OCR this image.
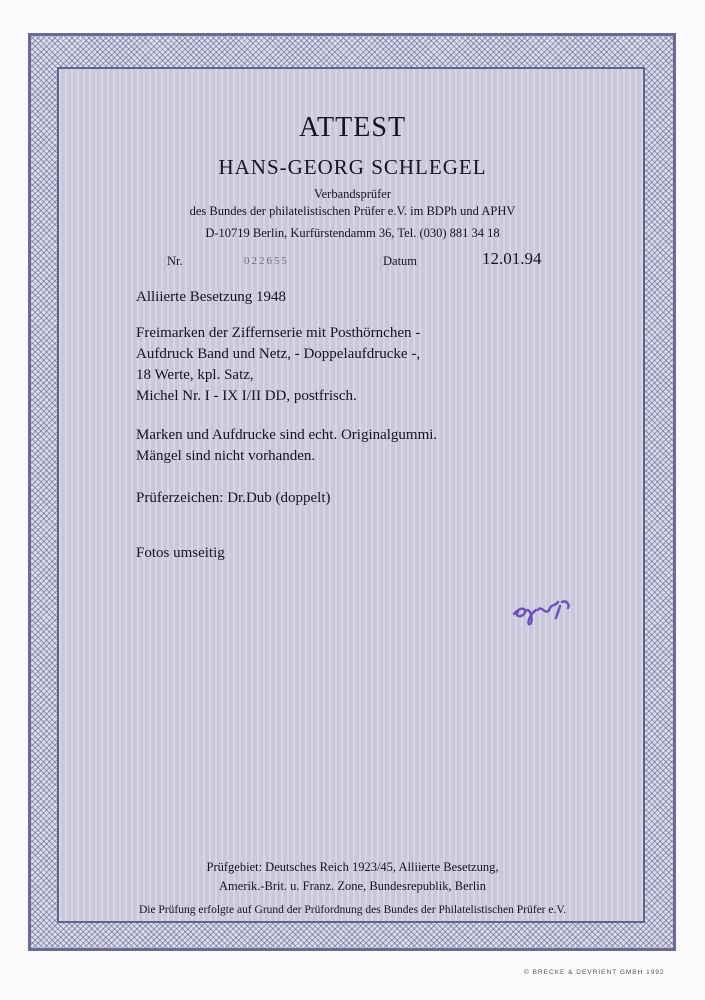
ATTEST
HANS-GEORG SCHLEGEL
Verbandsprüfer
des Bundes der philatelistischen Prüfer e.V. im BDPh und APHV
D-10719 Berlin, Kurfürstendamm 36, Tel. (030) 881 34 18
Nr.	022655	Datum	12.01.94
Alliierte Besetzung 1948
Freimarken der Ziffernserie mit Posthörnchen -
Aufdruck Band und Netz, - Doppelaufdrucke -,
18 Werte, kpl. Satz,
Michel Nr. I - IX I/II DD, postfrisch.
Marken und Aufdrucke sind echt. Originalgummi.
Mängel sind nicht vorhanden.
Prüferzeichen: Dr.Dub (doppelt)
Fotos umseitig
Prüfgebiet: Deutsches Reich 1923/45, Alliierte Besetzung,
Amerik.-Brit. u. Franz. Zone, Bundesrepublik, Berlin
Die Prüfung erfolgte auf Grund der Prüfordnung des Bundes der Philatelistischen Prüfer e.V.
© BRECKE & DEVRIENT GMBH 1992
